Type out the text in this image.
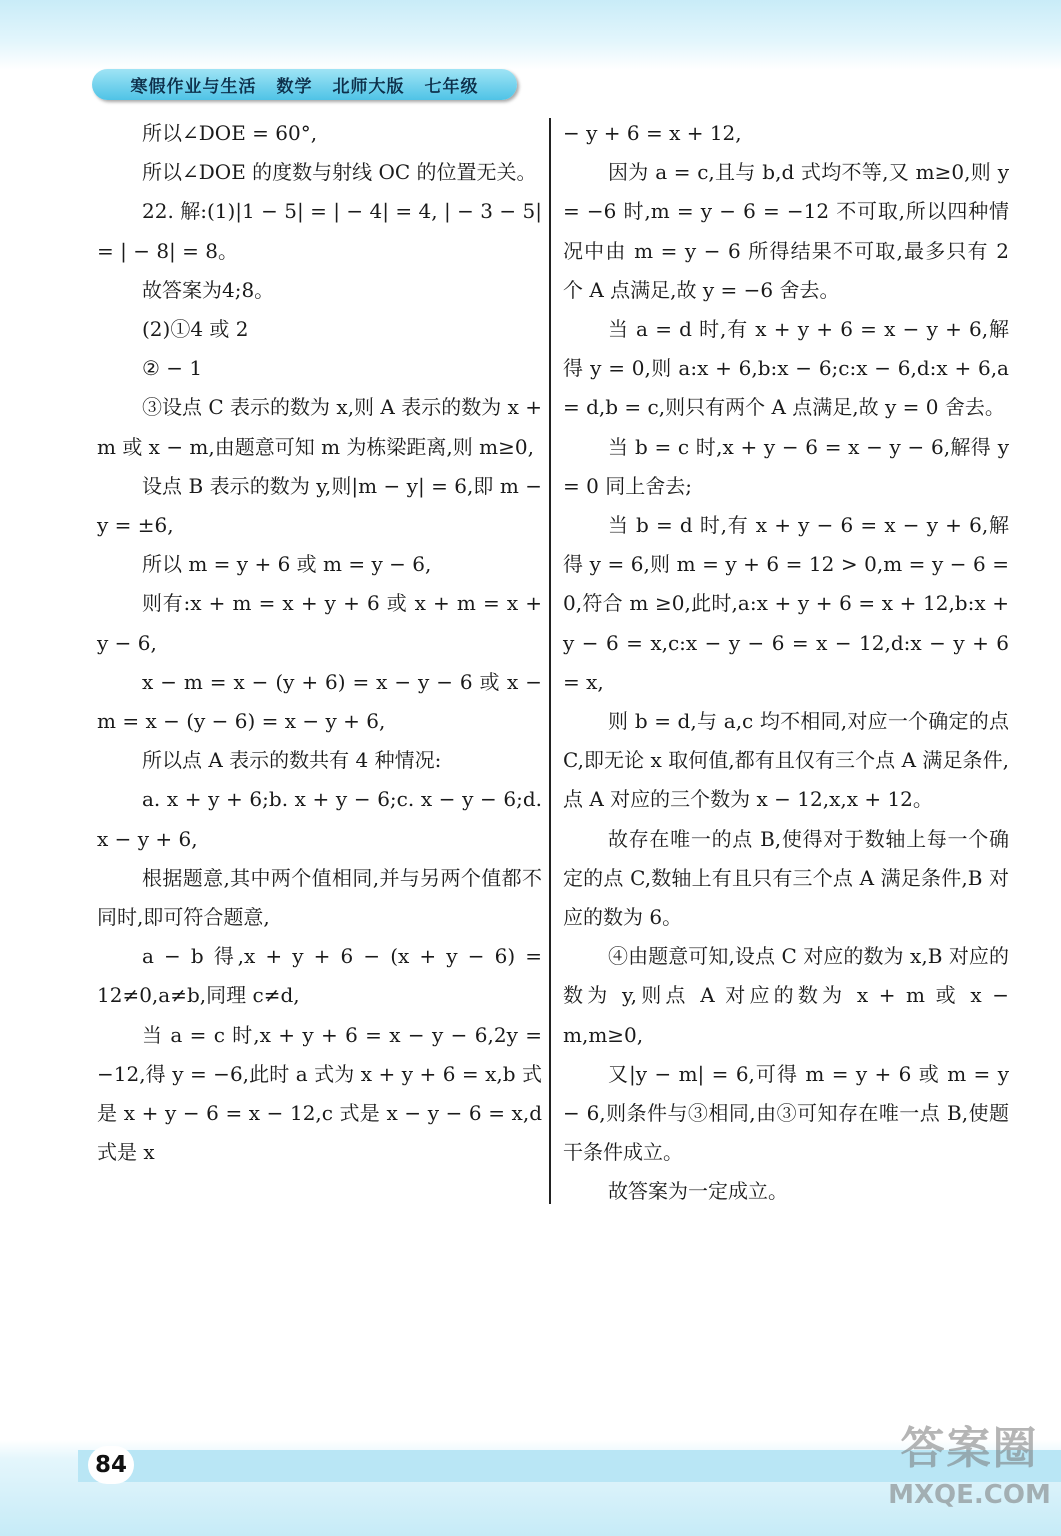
寒假作业与生活 数学 北师大版 七年级

所以∠DOE = 60°,

所以∠DOE 的度数与射线 OC 的位置无关。

22. 解:(1)|1 − 5| = | − 4| = 4, | − 3 − 5| = | − 8| = 8。

故答案为4;8。

(2)①4 或 2

② − 1

③设点 C 表示的数为 x,则 A 表示的数为 x + m 或 x − m,由题意可知 m 为栋梁距离,则 m≥0,

设点 B 表示的数为 y,则|m − y| = 6,即 m − y = ±6,

所以 m = y + 6 或 m = y − 6,

则有:x + m = x + y + 6 或 x + m = x + y − 6,

x − m = x − (y + 6) = x − y − 6 或 x − m = x − (y − 6) = x − y + 6,

所以点 A 表示的数共有 4 种情况:

a. x + y + 6;b. x + y − 6;c. x − y − 6;d. x − y + 6,

根据题意,其中两个值相同,并与另两个值都不同时,即可符合题意,

a − b 得,x + y + 6 − (x + y − 6) = 12≠0,a≠b,同理 c≠d,

当 a = c 时,x + y + 6 = x − y − 6,2y = −12,得 y = −6,此时 a 式为 x + y + 6 = x,b 式是 x + y − 6 = x − 12,c 式是 x − y − 6 = x,d 式是 x

− y + 6 = x + 12,

因为 a = c,且与 b,d 式均不等,又 m≥0,则 y = −6 时,m = y − 6 = −12 不可取,所以四种情况中由 m = y − 6 所得结果不可取,最多只有 2 个 A 点满足,故 y = −6 舍去。

当 a = d 时,有 x + y + 6 = x − y + 6,解得 y = 0,则 a:x + 6,b:x − 6;c:x − 6,d:x + 6,a = d,b = c,则只有两个 A 点满足,故 y = 0 舍去。

当 b = c 时,x + y − 6 = x − y − 6,解得 y = 0 同上舍去;

当 b = d 时,有 x + y − 6 = x − y + 6,解得 y = 6,则 m = y + 6 = 12 > 0,m = y − 6 = 0,符合 m ≥0,此时,a:x + y + 6 = x + 12,b:x + y − 6 = x,c:x − y − 6 = x − 12,d:x − y + 6 = x,

则 b = d,与 a,c 均不相同,对应一个确定的点 C,即无论 x 取何值,都有且仅有三个点 A 满足条件,点 A 对应的三个数为 x − 12,x,x + 12。

故存在唯一的点 B,使得对于数轴上每一个确定的点 C,数轴上有且只有三个点 A 满足条件,B 对应的数为 6。

④由题意可知,设点 C 对应的数为 x,B 对应的数为 y,则点 A 对应的数为 x + m 或 x − m,m≥0,

又|y − m| = 6,可得 m = y + 6 或 m = y − 6,则条件与③相同,由③可知存在唯一点 B,使题干条件成立。

故答案为一定成立。

84	答案圈
MXQE.COM
